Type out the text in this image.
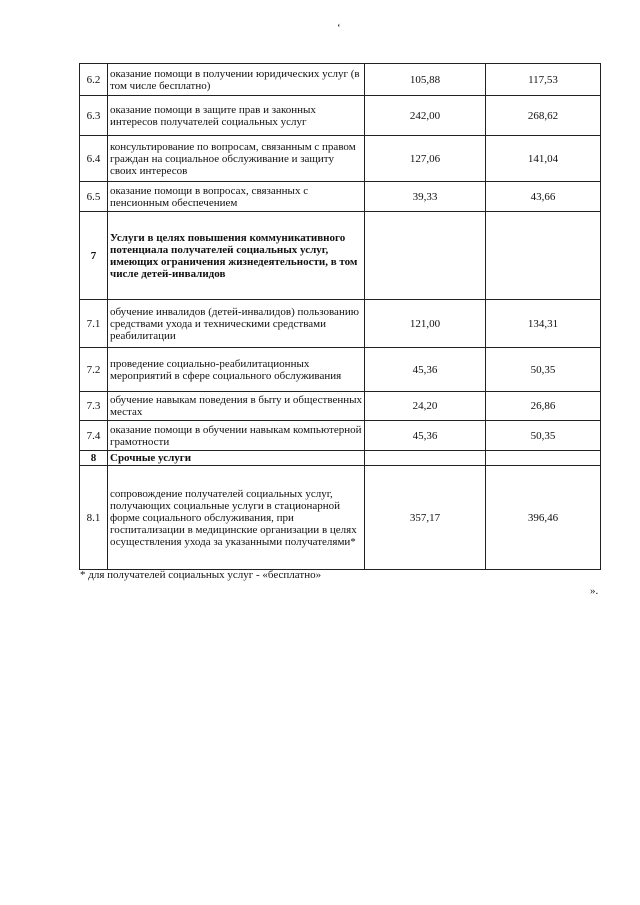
‘
6.2	оказание помощи в получении юридических услуг (в том числе бесплатно)	105,88	117,53
6.3	оказание помощи в защите прав и законных интересов получателей социальных услуг	242,00	268,62
6.4	консультирование по вопросам, связанным с правом граждан на социальное обслуживание и защиту своих интересов	127,06	141,04
6.5	оказание помощи в вопросах, связанных с пенсионным обеспечением	39,33	43,66
7	Услуги в целях повышения коммуникативного потенциала получателей социальных услуг, имеющих ограничения жизнедеятельности, в том числе детей-инвалидов		
7.1	обучение инвалидов (детей-инвалидов) пользованию средствами ухода и техническими средствами реабилитации	121,00	134,31
7.2	проведение социально-реабилитационных мероприятий в сфере социального обслуживания	45,36	50,35
7.3	обучение навыкам поведения в быту и общественных местах	24,20	26,86
7.4	оказание помощи в обучении навыкам компьютерной грамотности	45,36	50,35
8	Срочные услуги		
8.1	сопровождение получателей социальных услуг, получающих социальные услуги в стационарной форме социального обслуживания, при госпитализации в медицинские организации в целях осуществления ухода за указанными получателями*	357,17	396,46
* для получателей социальных услуг - «бесплатно»
».
